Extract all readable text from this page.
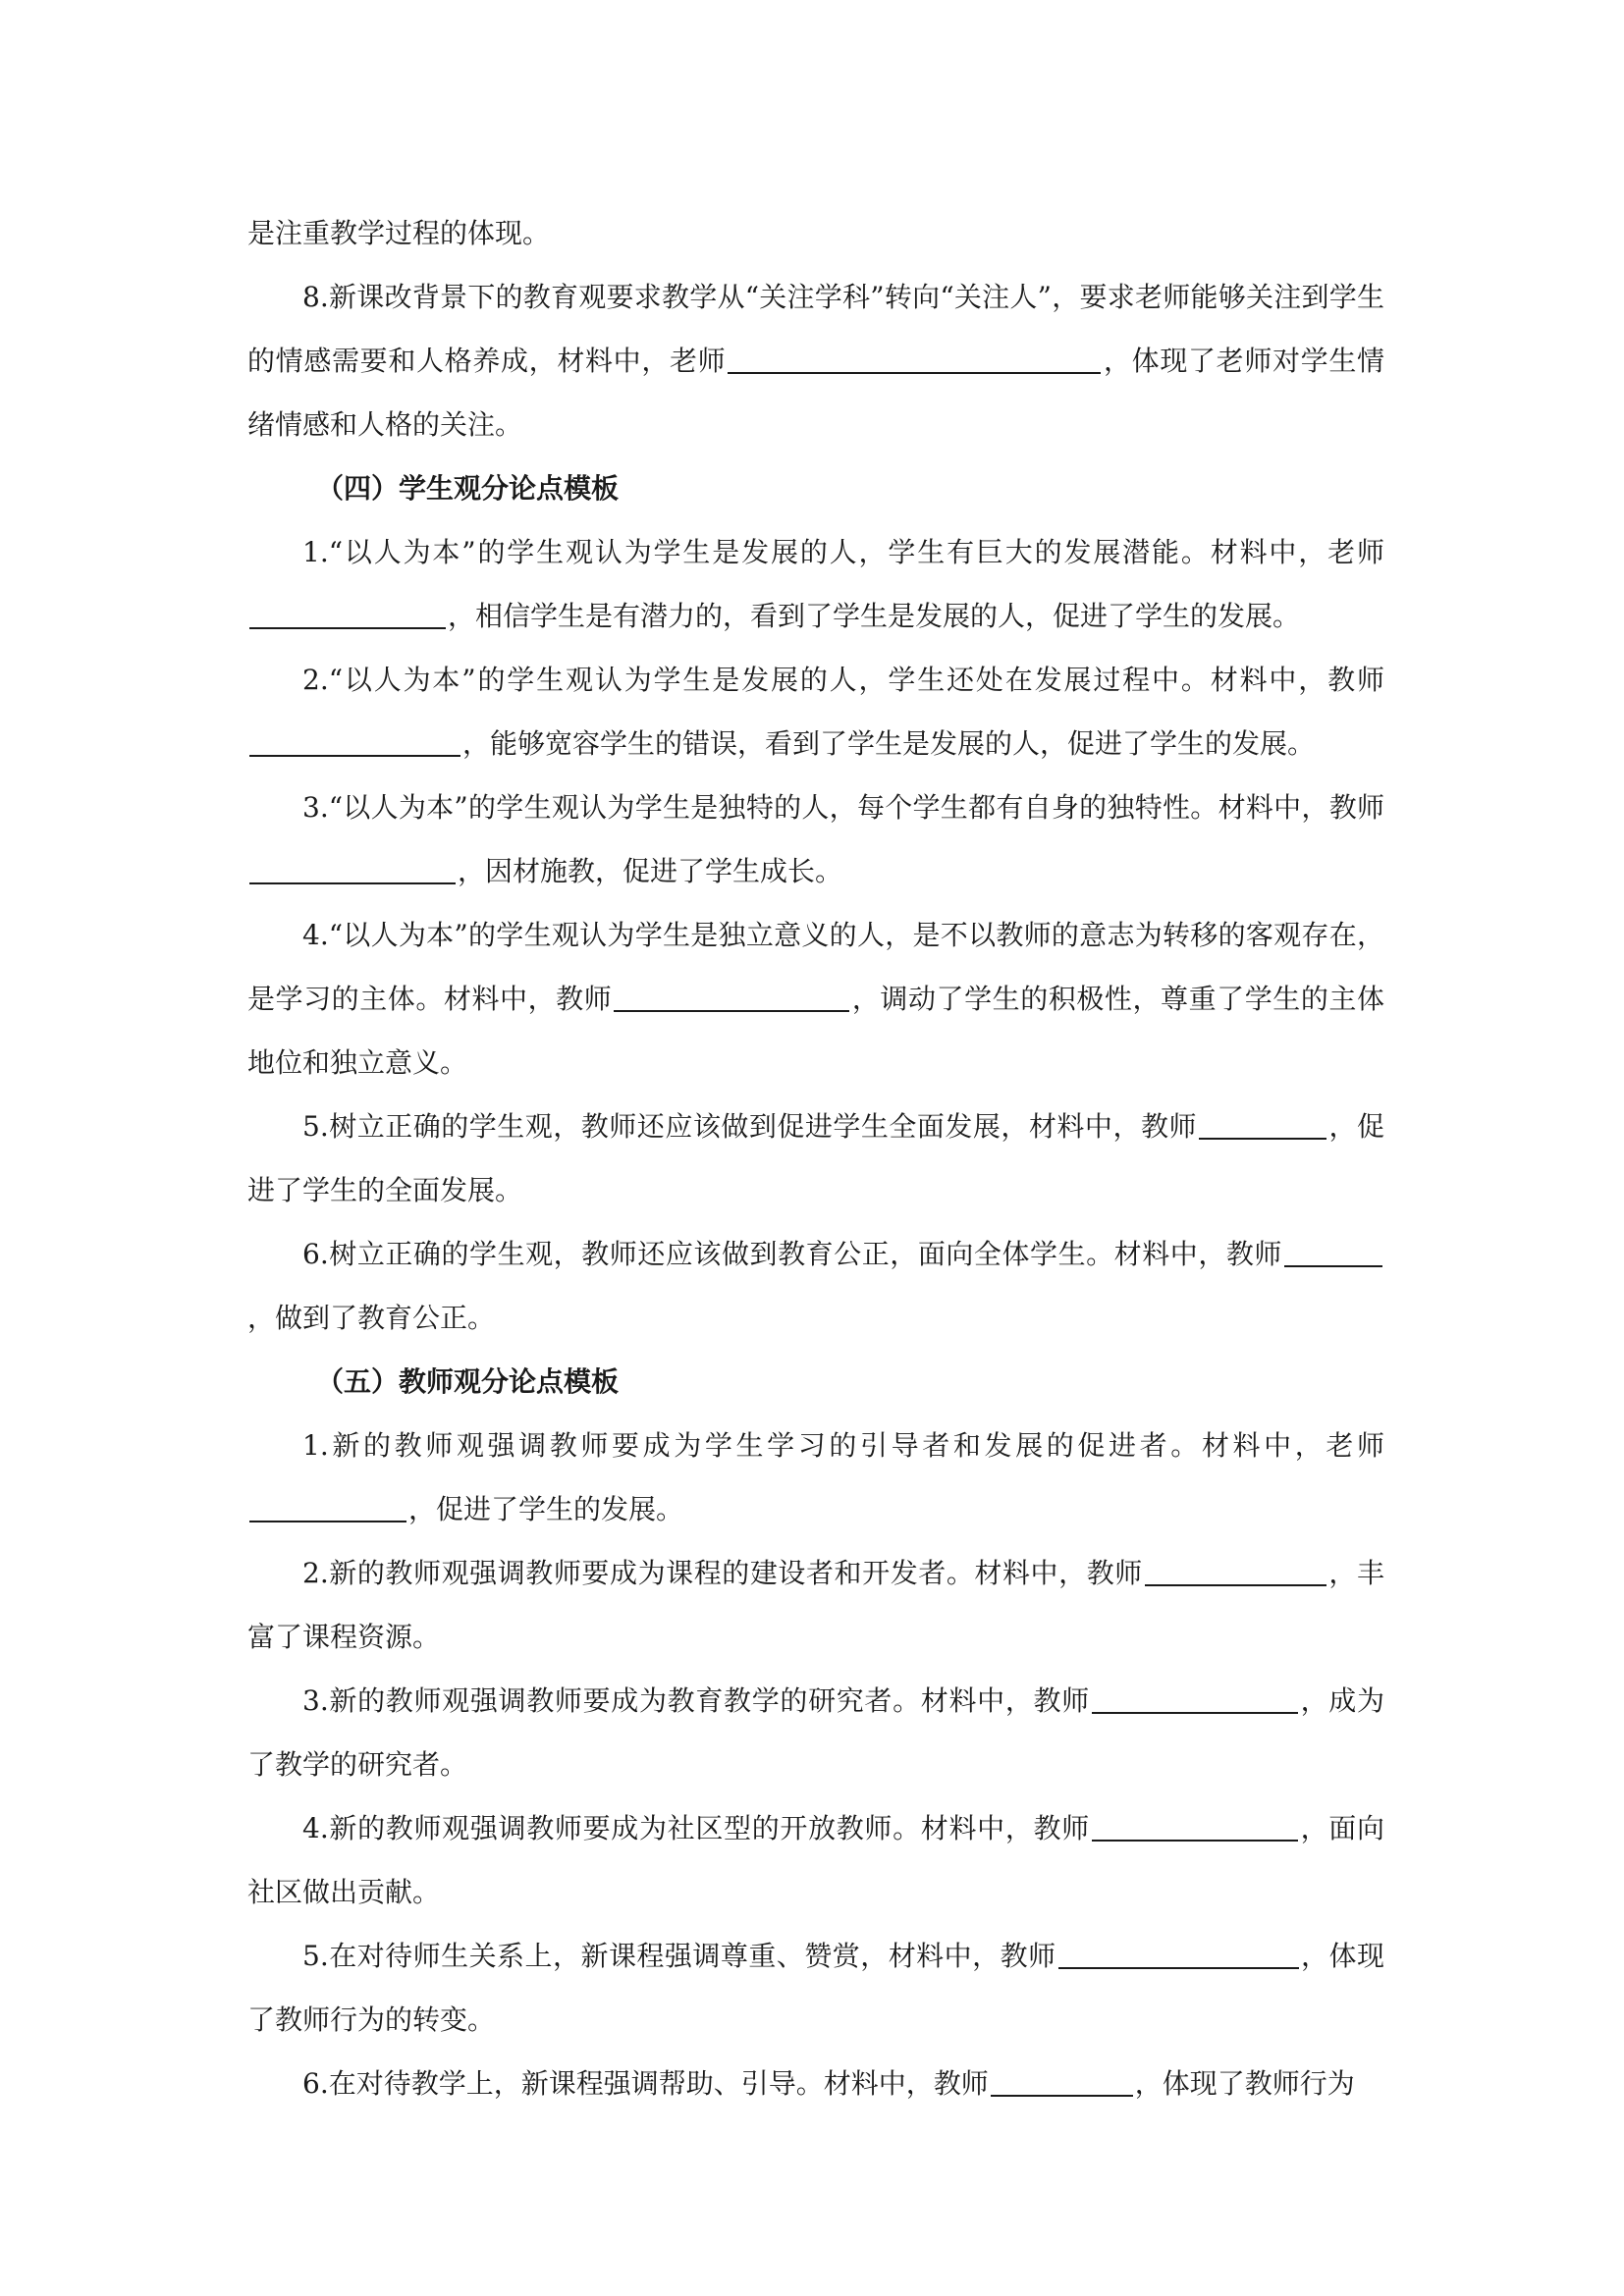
是注重教学过程的体现。

8.新课改背景下的教育观要求教学从“关注学科”转向“关注人”，要求老师能够关注到学生的情感需要和人格养成，材料中，老师	，体现了老师对学生情绪情感和人格的关注。

（四）学生观分论点模板

1.“以人为本”的学生观认为学生是发展的人，学生有巨大的发展潜能。材料中，老师，相信学生是有潜力的，看到了学生是发展的人，促进了学生的发展。

2.“以人为本”的学生观认为学生是发展的人，学生还处在发展过程中。材料中，教师，能够宽容学生的错误，看到了学生是发展的人，促进了学生的发展。

3.“以人为本”的学生观认为学生是独特的人，每个学生都有自身的独特性。材料中，教师，因材施教，促进了学生成长。

4.“以人为本”的学生观认为学生是独立意义的人，是不以教师的意志为转移的客观存在，是学习的主体。材料中，教师	，调动了学生的积极性，尊重了学生的主体地位和独立意义。

5.树立正确的学生观，教师还应该做到促进学生全面发展，材料中，教师	，促进了学生的全面发展。

6.树立正确的学生观，教师还应该做到教育公正，面向全体学生。材料中，教师，做到了教育公正。

（五）教师观分论点模板

1.新的教师观强调教师要成为学生学习的引导者和发展的促进者。材料中，老师，促进了学生的发展。

2.新的教师观强调教师要成为课程的建设者和开发者。材料中，教师	，丰富了课程资源。

3.新的教师观强调教师要成为教育教学的研究者。材料中，教师	，成为了教学的研究者。

4.新的教师观强调教师要成为社区型的开放教师。材料中，教师	，面向社区做出贡献。

5.在对待师生关系上，新课程强调尊重、赞赏，材料中，教师	，体现了教师行为的转变。

6.在对待教学上，新课程强调帮助、引导。材料中，教师	，体现了教师行为
